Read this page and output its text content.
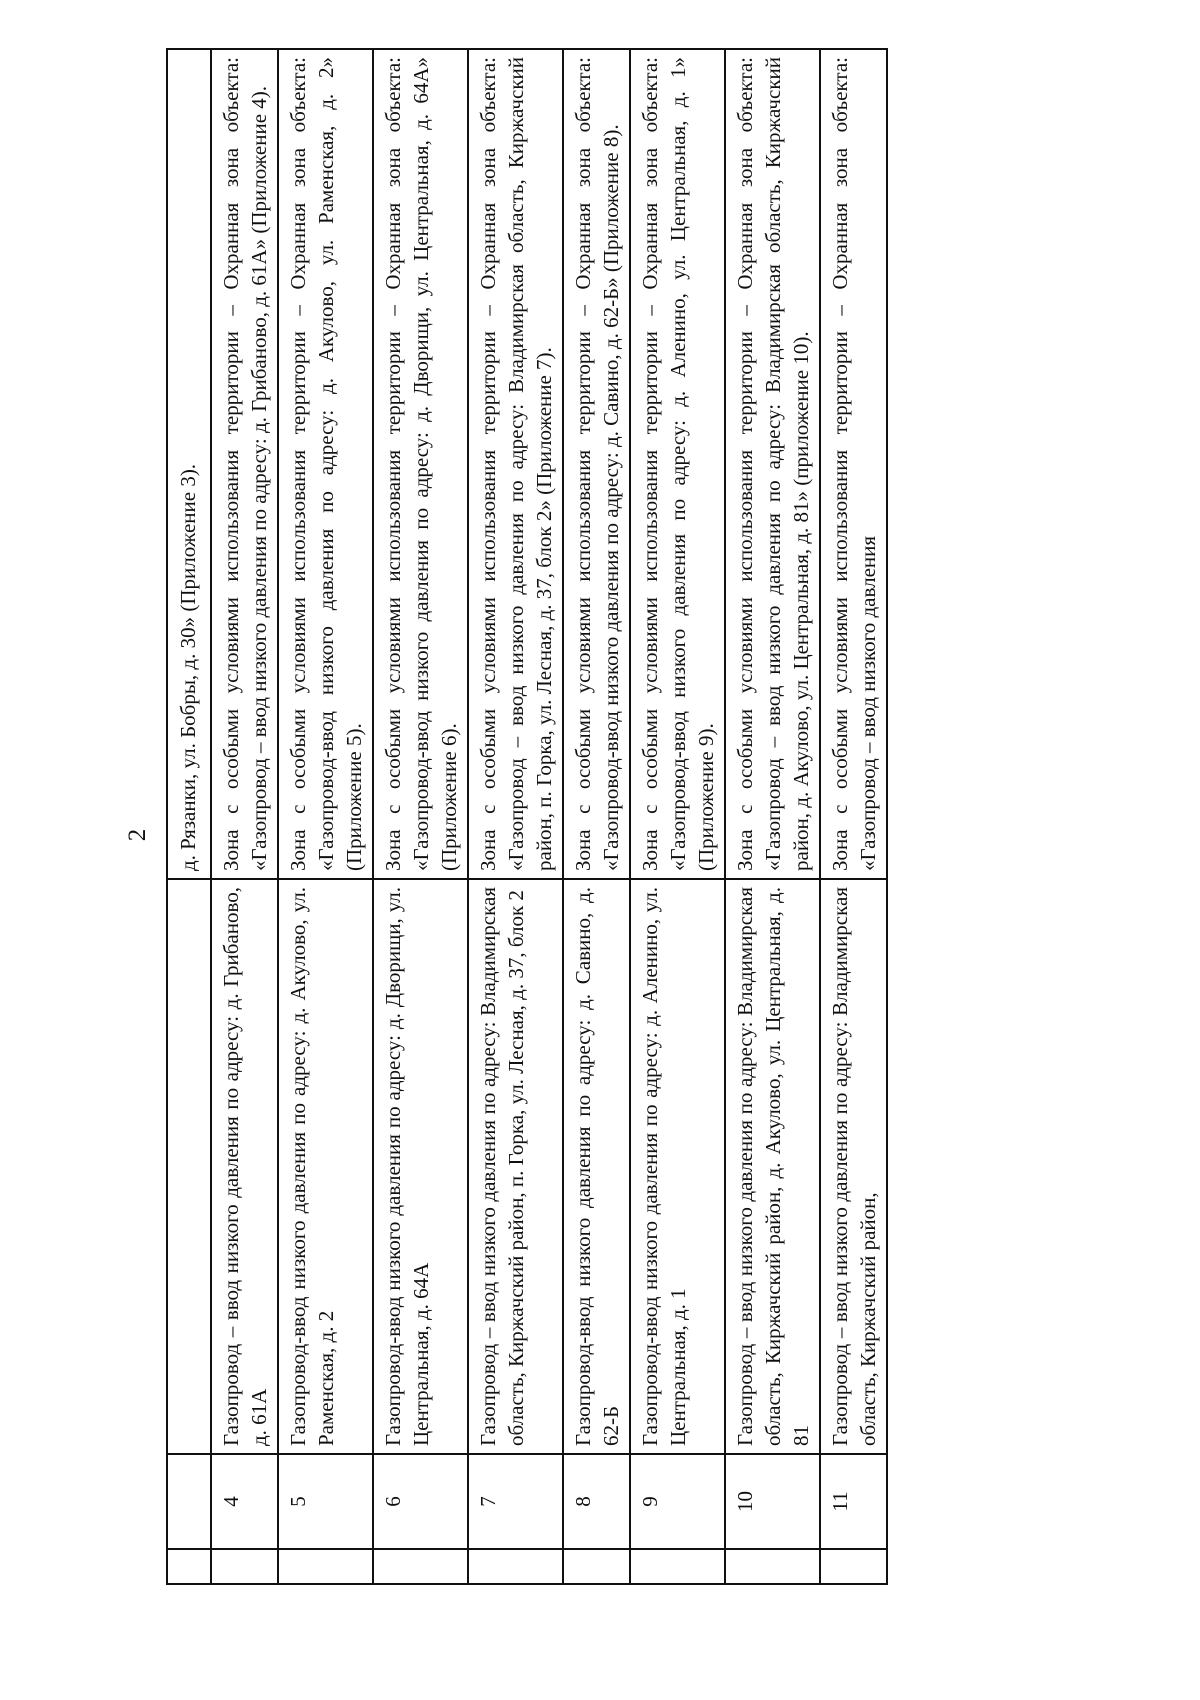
2
			д. Рязанки, ул. Бобры, д. 30» (Приложение 3).
	4	Газопровод – ввод низкого давления по адресу: д. Грибаново, д. 61А	Зона с особыми условиями использования территории – Охранная зона объекта: «Газопровод – ввод низкого давления по адресу: д. Грибаново, д. 61А» (Приложение 4).
	5	Газопровод-ввод низкого давления по адресу: д. Акулово, ул. Раменская, д. 2	Зона с особыми условиями использования территории – Охранная зона объекта: «Газопровод-ввод низкого давления по адресу: д. Акулово, ул. Раменская, д. 2» (Приложение 5).
	6	Газопровод-ввод низкого давления по адресу: д. Дворищи, ул. Центральная, д. 64А	Зона с особыми условиями использования территории – Охранная зона объекта: «Газопровод-ввод низкого давления по адресу: д. Дворищи, ул. Центральная, д. 64А» (Приложение 6).
	7	Газопровод – ввод низкого давления по адресу: Владимирская область, Киржачский район, п. Горка, ул. Лесная, д. 37, блок 2	Зона с особыми условиями использования территории – Охранная зона объекта: «Газопровод – ввод низкого давления по адресу: Владимирская область, Киржачский район, п. Горка, ул. Лесная, д. 37, блок 2» (Приложение 7).
	8	Газопровод-ввод низкого давления по адресу: д. Савино, д. 62-Б	Зона с особыми условиями использования территории – Охранная зона объекта: «Газопровод-ввод низкого давления по адресу: д. Савино, д. 62-Б» (Приложение 8).
	9	Газопровод-ввод низкого давления по адресу: д. Аленино, ул. Центральная, д. 1	Зона с особыми условиями использования территории – Охранная зона объекта: «Газопровод-ввод низкого давления по адресу: д. Аленино, ул. Центральная, д. 1» (Приложение 9).
	10	Газопровод – ввод низкого давления по адресу: Владимирская область, Киржачский район, д. Акулово, ул. Центральная, д. 81	Зона с особыми условиями использования территории – Охранная зона объекта: «Газопровод – ввод низкого давления по адресу: Владимирская область, Киржачский район, д. Акулово, ул. Центральная, д. 81» (приложение 10).
	11	Газопровод – ввод низкого давления по адресу: Владимирская область, Киржачский район,	Зона с особыми условиями использования территории – Охранная зона объекта: «Газопровод – ввод низкого давления
